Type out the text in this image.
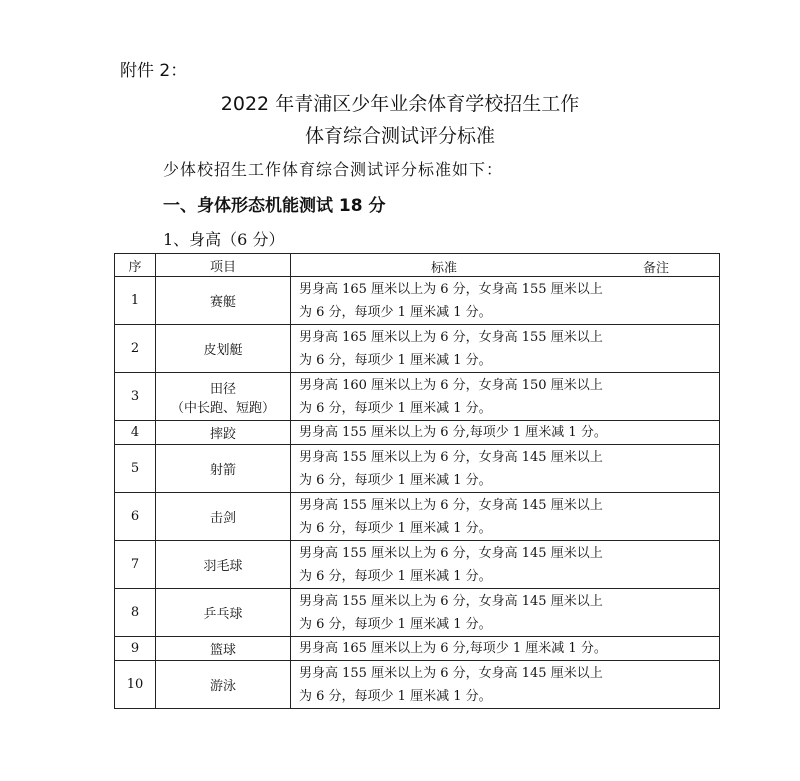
附件 2：
2022 年青浦区少年业余体育学校招生工作
体育综合测试评分标准
少体校招生工作体育综合测试评分标准如下：
一、身体形态机能测试 18 分
1、身高（6 分）
序	项目	标准 备注

1	赛艇	男身高 165 厘米以上为 6 分，女身高 155 厘米以上
为 6 分，每项少 1 厘米减 1 分。

2	皮划艇	男身高 165 厘米以上为 6 分，女身高 155 厘米以上
为 6 分，每项少 1 厘米减 1 分。

3	田径
（中长跑、短跑）	男身高 160 厘米以上为 6 分，女身高 150 厘米以上
为 6 分，每项少 1 厘米减 1 分。

4	摔跤	男身高 155 厘米以上为 6 分,每项少 1 厘米减 1 分。

5	射箭	男身高 155 厘米以上为 6 分，女身高 145 厘米以上
为 6 分，每项少 1 厘米减 1 分。

6	击剑	男身高 155 厘米以上为 6 分，女身高 145 厘米以上
为 6 分，每项少 1 厘米减 1 分。

7	羽毛球	男身高 155 厘米以上为 6 分，女身高 145 厘米以上
为 6 分，每项少 1 厘米减 1 分。

8	乒乓球	男身高 155 厘米以上为 6 分，女身高 145 厘米以上
为 6 分，每项少 1 厘米减 1 分。

9	篮球	男身高 165 厘米以上为 6 分,每项少 1 厘米减 1 分。

10	游泳	男身高 155 厘米以上为 6 分，女身高 145 厘米以上
为 6 分，每项少 1 厘米减 1 分。
